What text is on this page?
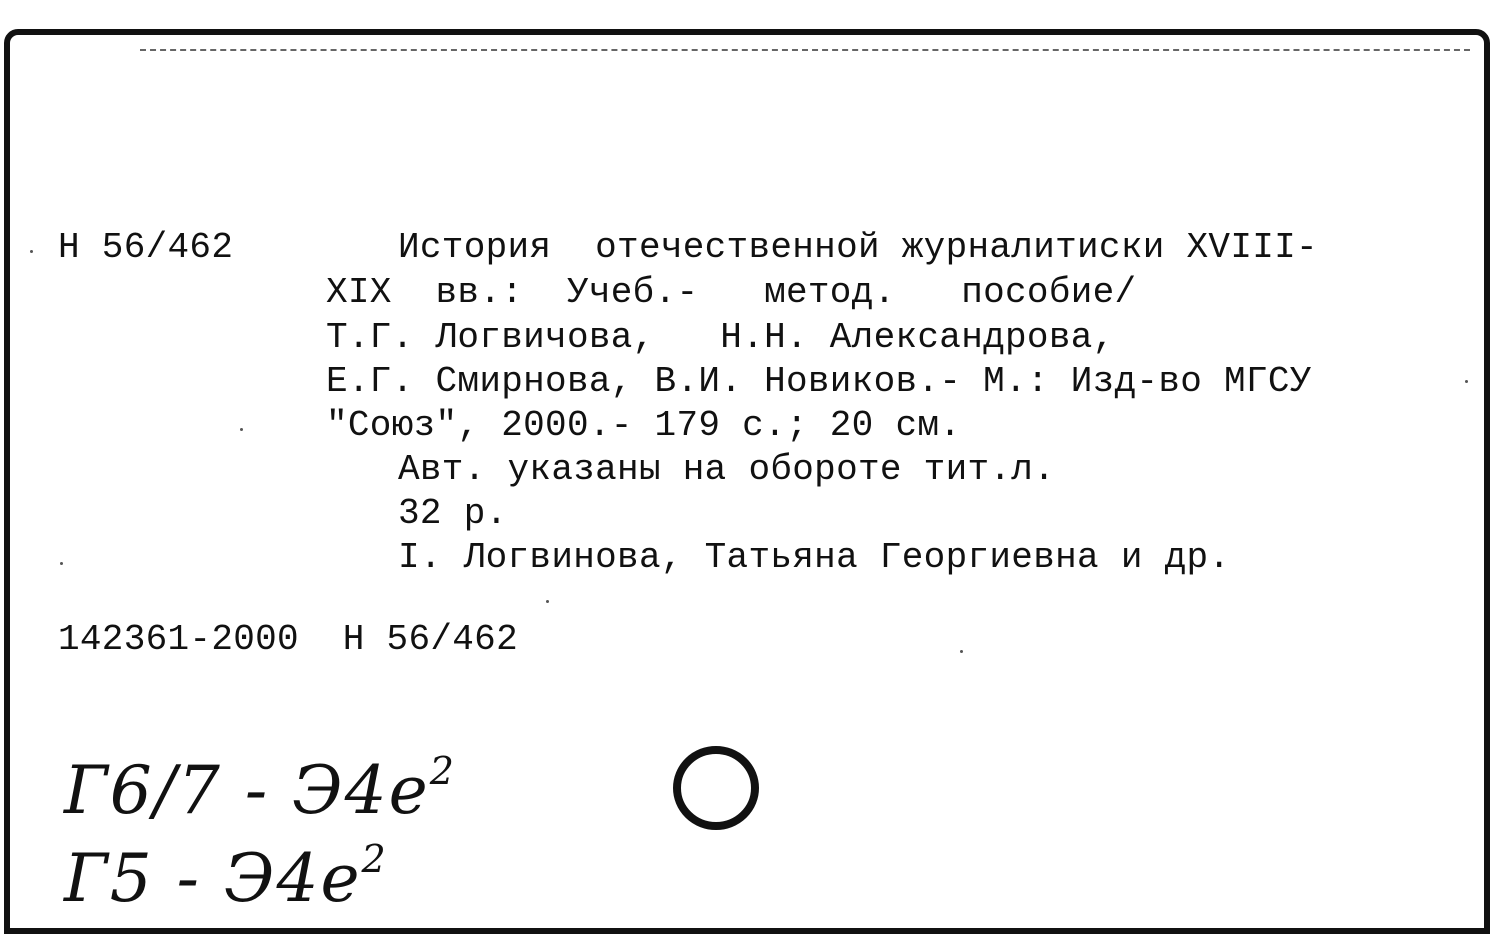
Н 56/462	История  отечественной журналитиски XVIII-
XIX  вв.:  Учеб.-   метод.   пособие/
Т.Г. Логвичова,   Н.Н. Александрова,
Е.Г. Смирнова, В.И. Новиков.- М.: Изд-во МГСУ
"Союз", 2000.- 179 с.; 20 см.
Авт. указаны на обороте тит.л.
32 р.
I. Логвинова, Татьяна Георгиевна и др.
142361-2000  Н 56/462
$Г6/7 - Э4е^2$
$Г5 - Э4е^2$
